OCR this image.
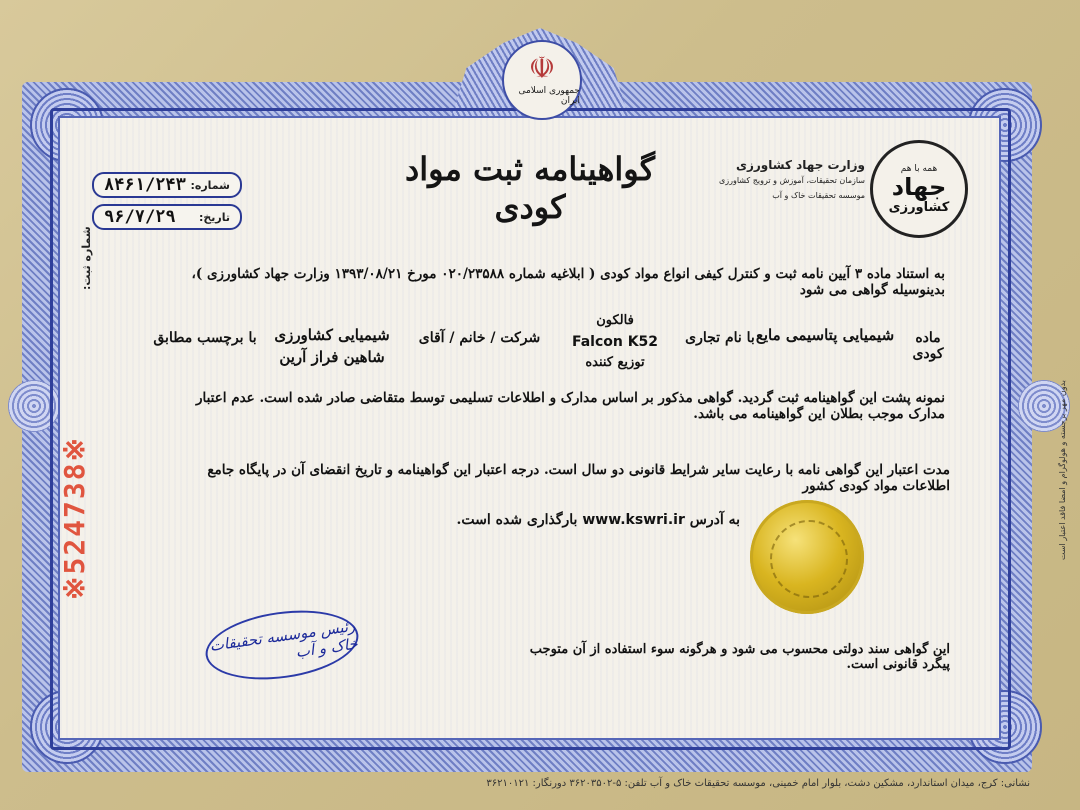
☫
جمهوری اسلامی ایران
گواهینامه ثبت مواد کودی
همه با هم
جهاد
کشاورزی
وزارت جهاد کشاورزی
سازمان تحقیقات، آموزش و ترویج کشاورزی
موسسه تحقیقات خاک و آب
شماره:
۸۴۶۱/۲۴۳
تاریخ:
۹۶/۷/۲۹
به استناد ماده ۳ آیین نامه ثبت و کنترل کیفی انواع مواد کودی ( ابلاغیه شماره ۰۲۰/۲۳۵۸۸ مورخ ۱۳۹۳/۰۸/۲۱ وزارت جهاد کشاورزی )، بدینوسیله گواهی می شود
ماده کودی
شیمیایی پتاسیمی مایع
با نام تجاری
فالکون
Falcon K52
توزیع کننده
شرکت / خانم / آقای
شیمیایی کشاورزی
شاهین فراز آرین
با برچسب مطابق
نمونه پشت این گواهینامه ثبت گردید. گواهی مذکور بر اساس مدارک و اطلاعات تسلیمی توسط متقاضی صادر شده است. عدم اعتبار مدارک موجب بطلان این گواهینامه می باشد.
مدت اعتبار این گواهی نامه با رعایت سایر شرایط قانونی دو سال است. درجه اعتبار این گواهینامه و تاریخ انقضای آن در پایگاه جامع اطلاعات مواد کودی کشور
به آدرس www.kswri.ir بارگذاری شده است.
این گواهی سند دولتی محسوب می شود و هرگونه سوء استفاده از آن متوجب پیگرد قانونی است.
رئیس موسسه تحقیقات خاک و آب
شماره ثبت:
بدون مهر برجسته و هولوگرام و امضا فاقد اعتبار است
نشانی: کرج، میدان استاندارد، مشکین دشت، بلوار امام خمینی، موسسه تحقیقات خاک و آب تلفن: ۵-۳۶۲۰۳۵۰۲ دورنگار: ۳۶۲۱۰۱۲۱
